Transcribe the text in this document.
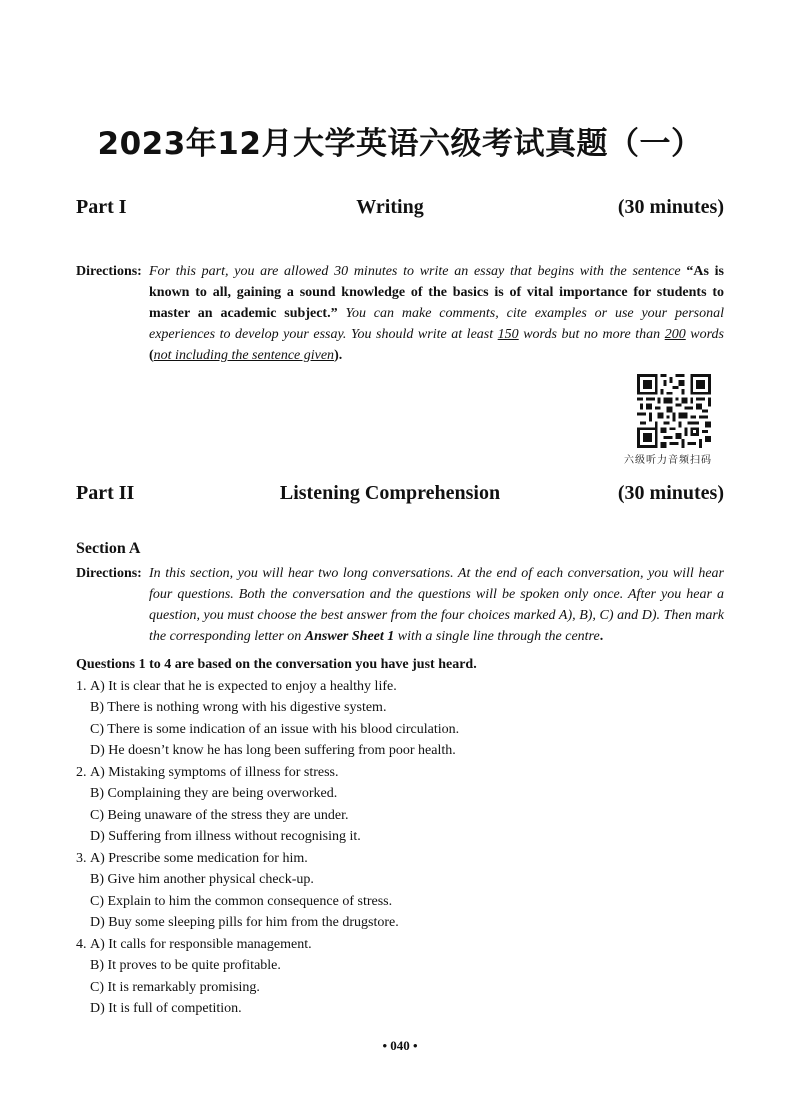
2023年12月大学英语六级考试真题（一）
Part I	Writing	(30 minutes)
Directions: For this part, you are allowed 30 minutes to write an essay that begins with the sentence “As is known to all, gaining a sound knowledge of the basics is of vital importance for students to master an academic subject.” You can make comments, cite examples or use your personal experiences to develop your essay. You should write at least 150 words but no more than 200 words (not including the sentence given).
六级听力音频扫码
Part II	Listening Comprehension	(30 minutes)
Section A
Directions: In this section, you will hear two long conversations. At the end of each conversation, you will hear four questions. Both the conversation and the questions will be spoken only once. After you hear a question, you must choose the best answer from the four choices marked A), B), C) and D). Then mark the corresponding letter on Answer Sheet 1 with a single line through the centre.
Questions 1 to 4 are based on the conversation you have just heard.
1. A) It is clear that he is expected to enjoy a healthy life.
B) There is nothing wrong with his digestive system.
C) There is some indication of an issue with his blood circulation.
D) He doesn’t know he has long been suffering from poor health.
2. A) Mistaking symptoms of illness for stress.
B) Complaining they are being overworked.
C) Being unaware of the stress they are under.
D) Suffering from illness without recognising it.
3. A) Prescribe some medication for him.
B) Give him another physical check-up.
C) Explain to him the common consequence of stress.
D) Buy some sleeping pills for him from the drugstore.
4. A) It calls for responsible management.
B) It proves to be quite profitable.
C) It is remarkably promising.
D) It is full of competition.
• 040 •
